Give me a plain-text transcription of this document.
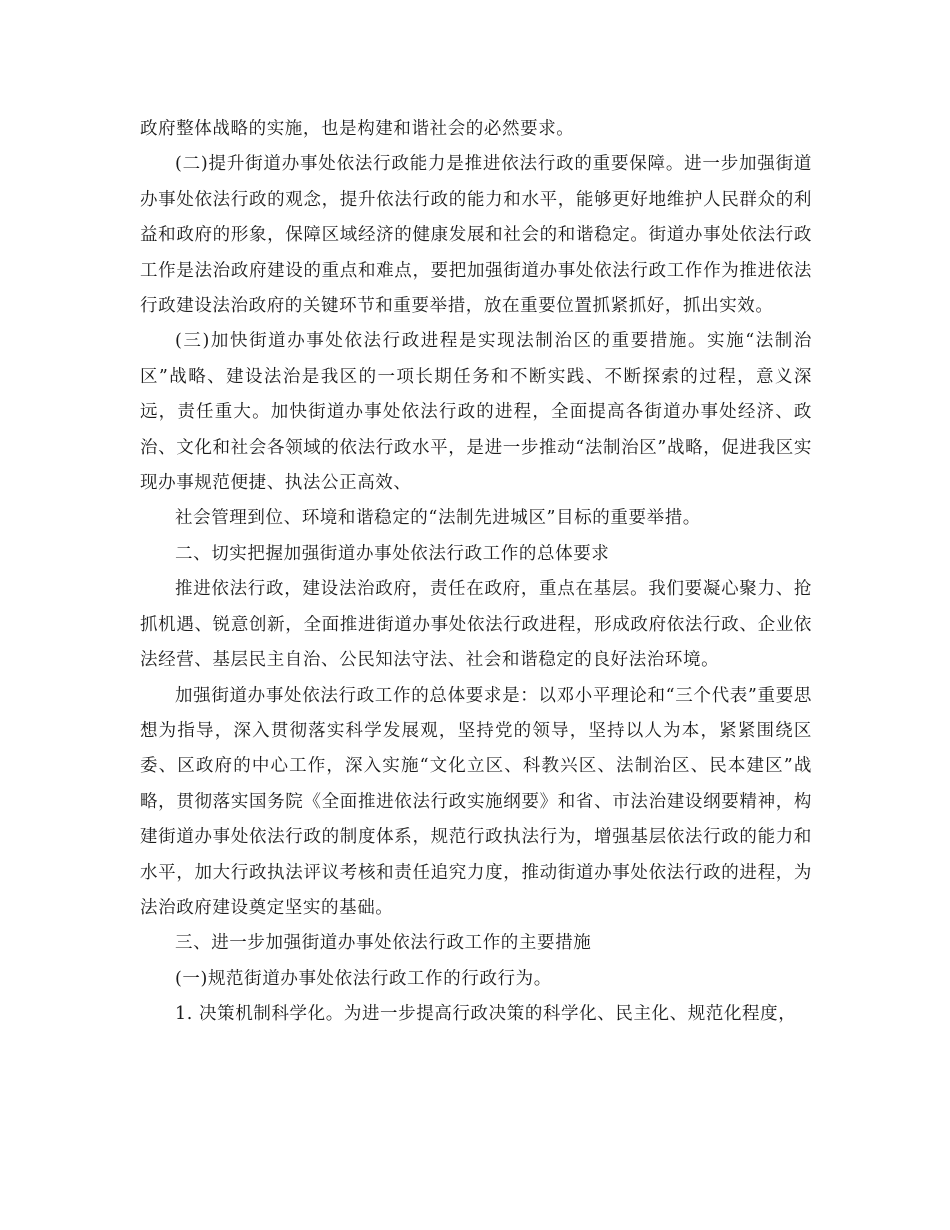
政府整体战略的实施，也是构建和谐社会的必然要求。

(二)提升街道办事处依法行政能力是推进依法行政的重要保障。进一步加强街道办事处依法行政的观念，提升依法行政的能力和水平，能够更好地维护人民群众的利益和政府的形象，保障区域经济的健康发展和社会的和谐稳定。街道办事处依法行政工作是法治政府建设的重点和难点，要把加强街道办事处依法行政工作作为推进依法行政建设法治政府的关键环节和重要举措，放在重要位置抓紧抓好，抓出实效。

(三)加快街道办事处依法行政进程是实现法制治区的重要措施。实施“法制治区”战略、建设法治是我区的一项长期任务和不断实践、不断探索的过程，意义深远，责任重大。加快街道办事处依法行政的进程，全面提高各街道办事处经济、政治、文化和社会各领域的依法行政水平，是进一步推动“法制治区”战略，促进我区实现办事规范便捷、执法公正高效、

社会管理到位、环境和谐稳定的“法制先进城区”目标的重要举措。

二、切实把握加强街道办事处依法行政工作的总体要求

推进依法行政，建设法治政府，责任在政府，重点在基层。我们要凝心聚力、抢抓机遇、锐意创新，全面推进街道办事处依法行政进程，形成政府依法行政、企业依法经营、基层民主自治、公民知法守法、社会和谐稳定的良好法治环境。

加强街道办事处依法行政工作的总体要求是：以邓小平理论和“三个代表”重要思想为指导，深入贯彻落实科学发展观，坚持党的领导，坚持以人为本，紧紧围绕区委、区政府的中心工作，深入实施“文化立区、科教兴区、法制治区、民本建区”战略，贯彻落实国务院《全面推进依法行政实施纲要》和省、市法治建设纲要精神，构建街道办事处依法行政的制度体系，规范行政执法行为，增强基层依法行政的能力和水平，加大行政执法评议考核和责任追究力度，推动街道办事处依法行政的进程，为法治政府建设奠定坚实的基础。

三、进一步加强街道办事处依法行政工作的主要措施

(一)规范街道办事处依法行政工作的行政行为。

1. 决策机制科学化。为进一步提高行政决策的科学化、民主化、规范化程度，
